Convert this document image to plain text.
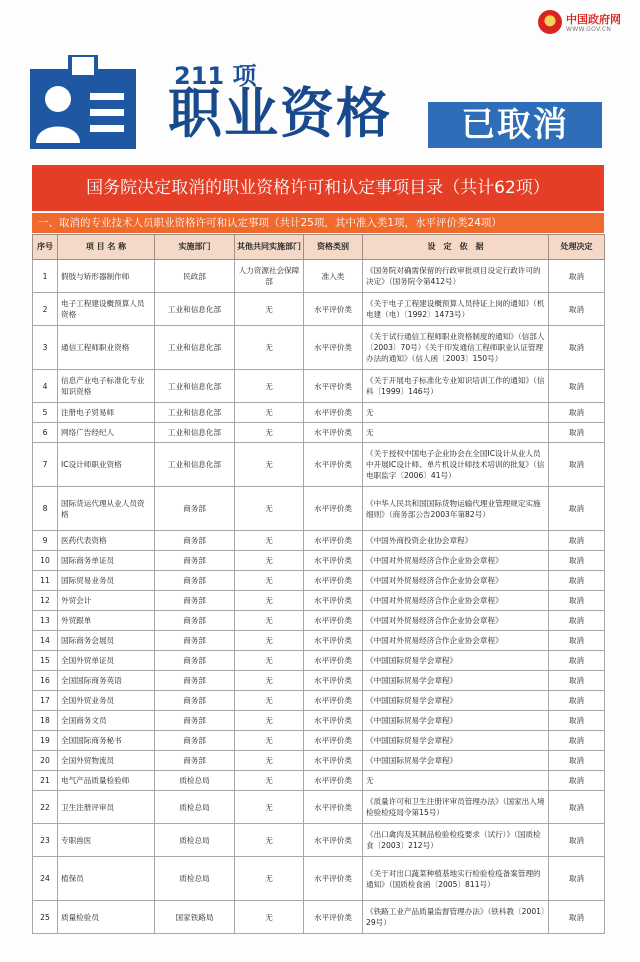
中国政府网
WWW.GOV.CN
211 项
职业资格	已取消
国务院决定取消的职业资格许可和认定事项目录（共计62项）
一、取消的专业技术人员职业资格许可和认定事项（共计25项，其中准入类1项，水平评价类24项）
序号	项 目 名 称	实施部门	其他共同实施部门	资格类别	设　定　依　据	处理决定
1	假肢与矫形器制作师	民政部	人力资源社会保障部	准入类	《国务院对确需保留的行政审批项目设定行政许可的决定》（国务院令第412号）	取消
2	电子工程建设概预算人员资格	工业和信息化部	无	水平评价类	《关于电子工程建设概预算人员持证上岗的通知》（机电建（电）〔1992〕1473号）	取消
3	通信工程师职业资格	工业和信息化部	无	水平评价类	《关于试行通信工程师职业资格制度的通知》（信部人〔2003〕70号）《关于印发通信工程师职业认证管理办法的通知》（信人函〔2003〕150号）	取消
4	信息产业电子标准化专业知识资格	工业和信息化部	无	水平评价类	《关于开展电子标准化专业知识培训工作的通知》（信科〔1999〕146号）	取消
5	注册电子贸易师	工业和信息化部	无	水平评价类	无	取消
6	网络广告经纪人	工业和信息化部	无	水平评价类	无	取消
7	IC设计师职业资格	工业和信息化部	无	水平评价类	《关于授权中国电子企业协会在全国IC设计从业人员中开展IC设计师、单片机设计师技术培训的批复》（信电职监字〔2006〕41号）	取消
8	国际货运代理从业人员资格	商务部	无	水平评价类	《中华人民共和国国际货物运输代理业管理规定实施细则》（商务部公告2003年第82号）	取消
9	医药代表资格	商务部	无	水平评价类	《中国外商投资企业协会章程》	取消
10	国际商务单证员	商务部	无	水平评价类	《中国对外贸易经济合作企业协会章程》	取消
11	国际贸易业务员	商务部	无	水平评价类	《中国对外贸易经济合作企业协会章程》	取消
12	外贸会计	商务部	无	水平评价类	《中国对外贸易经济合作企业协会章程》	取消
13	外贸跟单	商务部	无	水平评价类	《中国对外贸易经济合作企业协会章程》	取消
14	国际商务会展员	商务部	无	水平评价类	《中国对外贸易经济合作企业协会章程》	取消
15	全国外贸单证员	商务部	无	水平评价类	《中国国际贸易学会章程》	取消
16	全国国际商务英语	商务部	无	水平评价类	《中国国际贸易学会章程》	取消
17	全国外贸业务员	商务部	无	水平评价类	《中国国际贸易学会章程》	取消
18	全国商务文员	商务部	无	水平评价类	《中国国际贸易学会章程》	取消
19	全国国际商务秘书	商务部	无	水平评价类	《中国国际贸易学会章程》	取消
20	全国外贸物流员	商务部	无	水平评价类	《中国国际贸易学会章程》	取消
21	电气产品质量检验师	质检总局	无	水平评价类	无	取消
22	卫生注册评审员	质检总局	无	水平评价类	《质量许可和卫生注册评审员管理办法》（国家出入境检验检疫局令第15号）	取消
23	专职兽医	质检总局	无	水平评价类	《出口禽肉及其制品检验检疫要求（试行）》（国质检食〔2003〕212号）	取消
24	植保员	质检总局	无	水平评价类	《关于对出口蔬菜种植基地实行检验检疫备案管理的通知》（国质检食函〔2005〕811号）	取消
25	质量检验员	国家铁路局	无	水平评价类	《铁路工业产品质量监督管理办法》（铁科教〔2001〕29号）	取消
